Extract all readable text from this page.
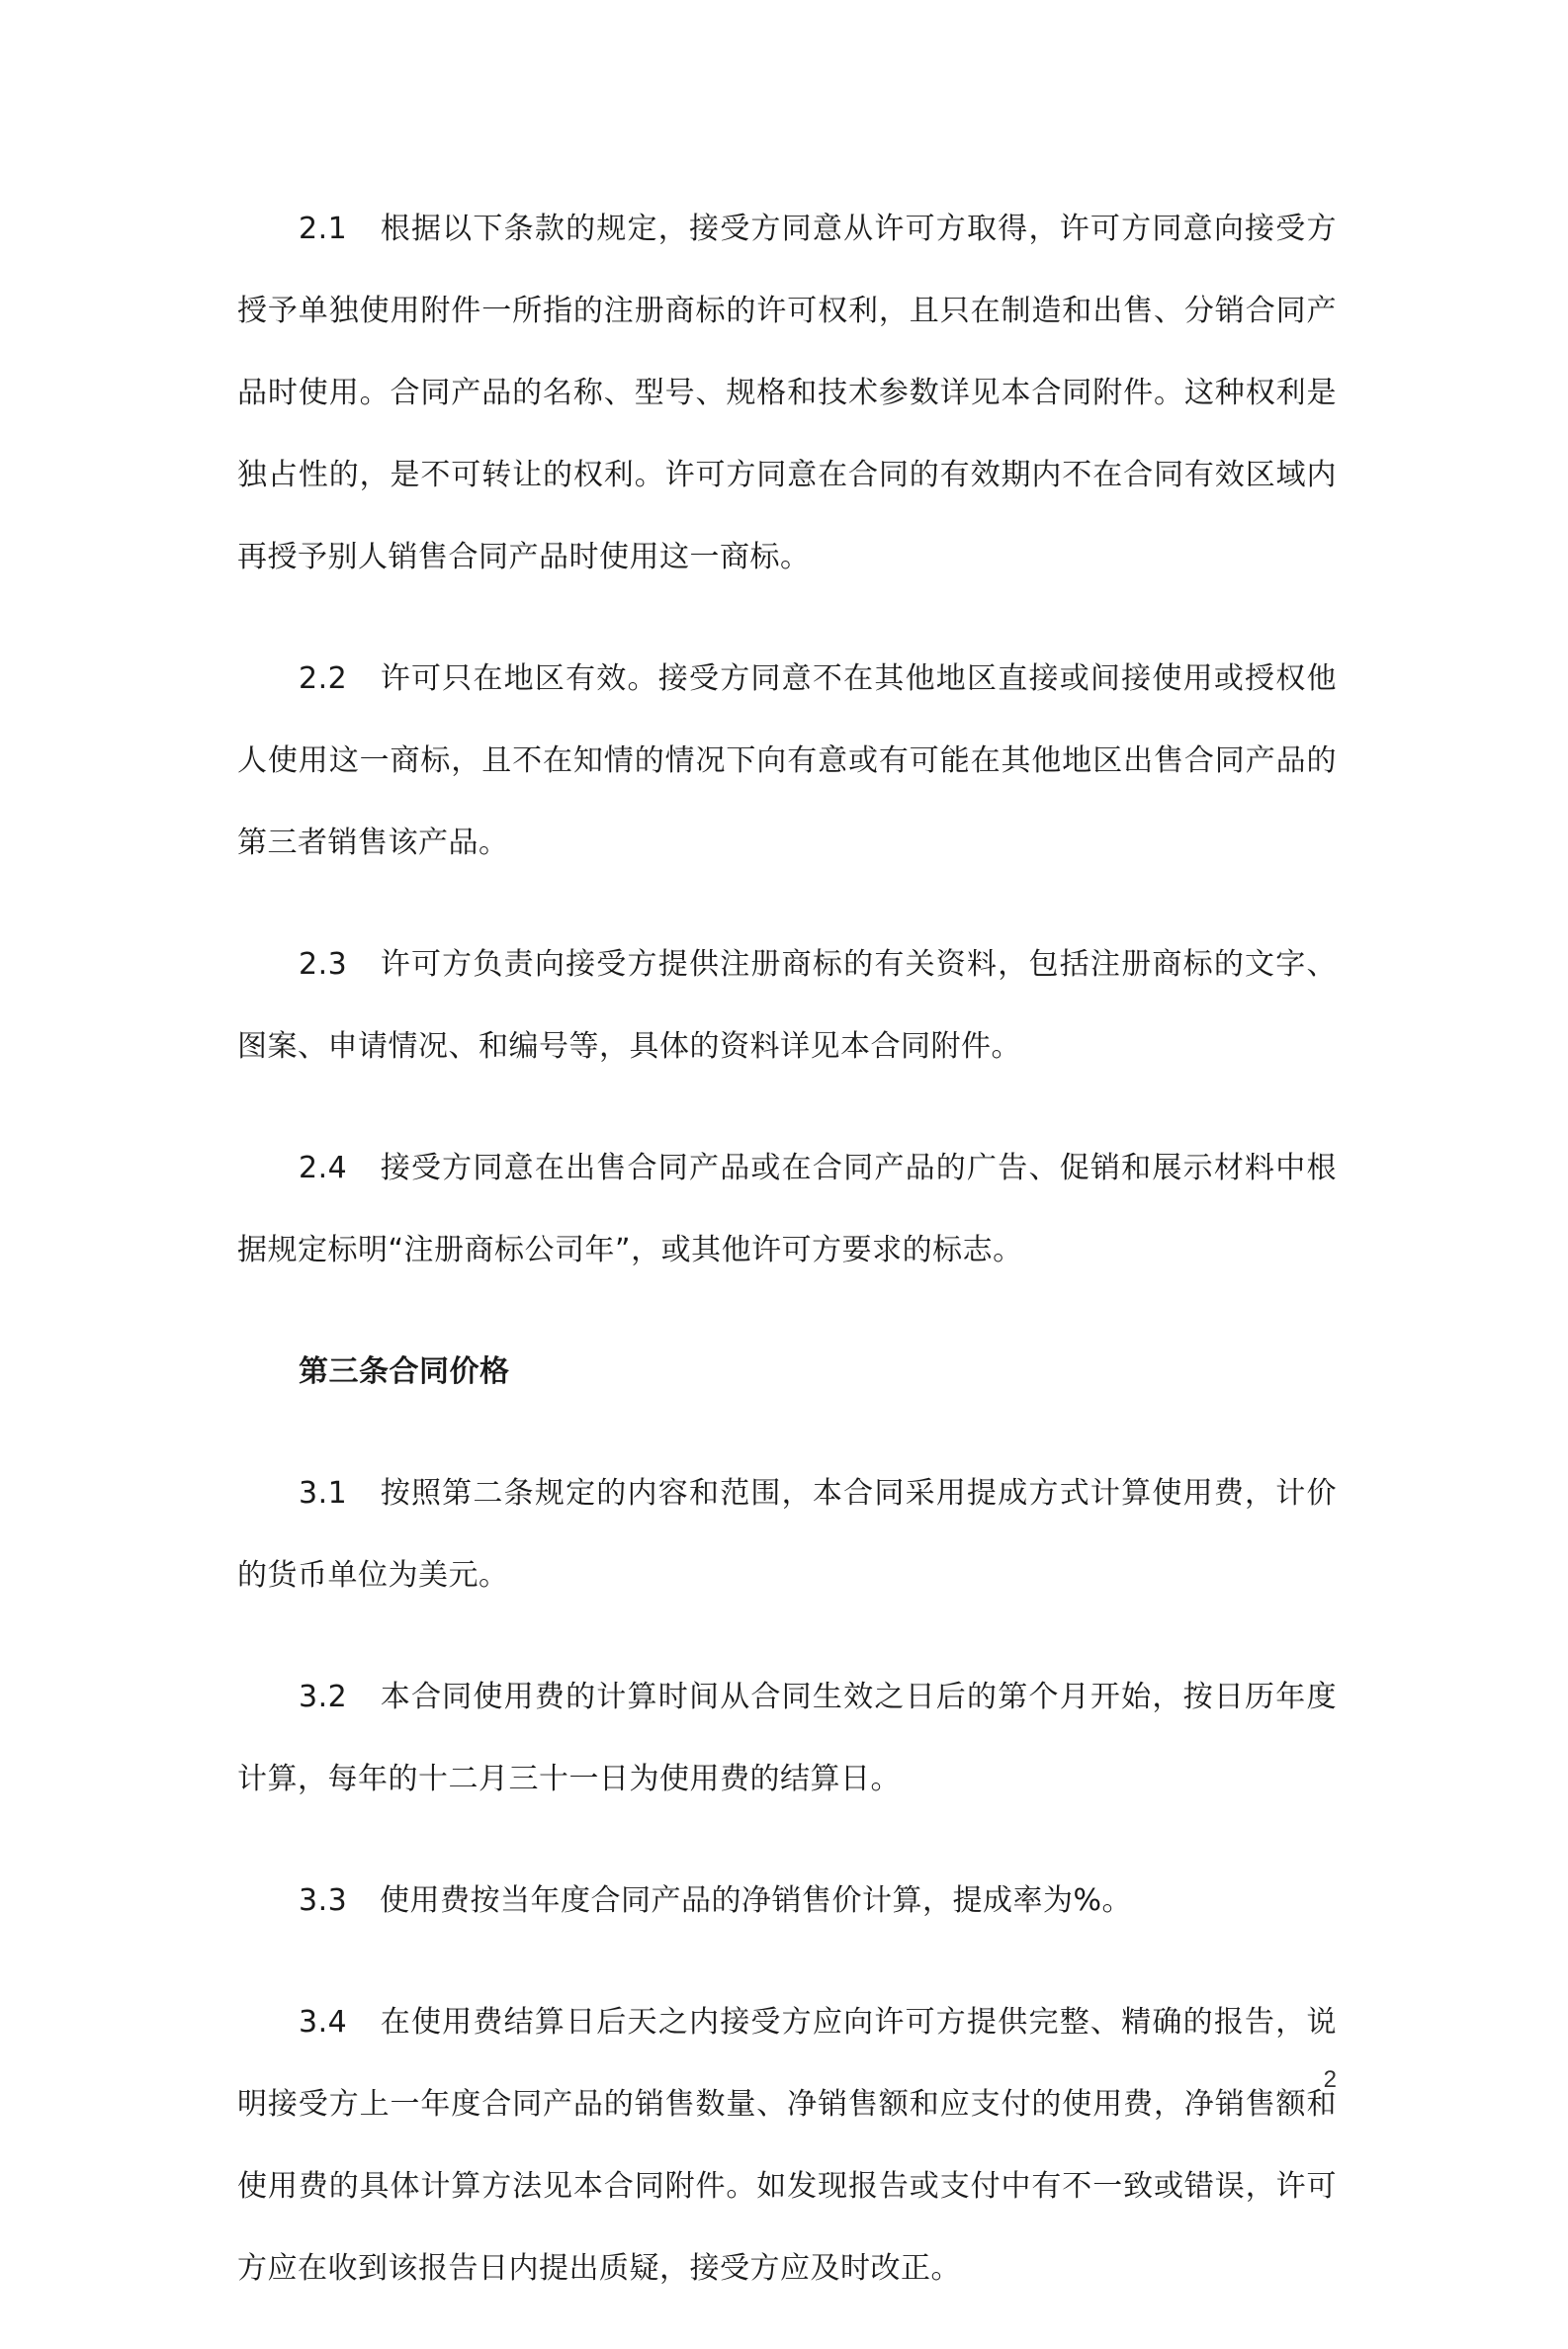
2.1 根据以下条款的规定，接受方同意从许可方取得，许可方同意向接受方授予单独使用附件一所指的注册商标的许可权利，且只在制造和出售、分销合同产品时使用。合同产品的名称、型号、规格和技术参数详见本合同附件。这种权利是独占性的，是不可转让的权利。许可方同意在合同的有效期内不在合同有效区域内再授予别人销售合同产品时使用这一商标。

2.2 许可只在地区有效。接受方同意不在其他地区直接或间接使用或授权他人使用这一商标，且不在知情的情况下向有意或有可能在其他地区出售合同产品的第三者销售该产品。

2.3 许可方负责向接受方提供注册商标的有关资料，包括注册商标的文字、图案、申请情况、和编号等，具体的资料详见本合同附件。

2.4 接受方同意在出售合同产品或在合同产品的广告、促销和展示材料中根据规定标明“注册商标公司年”，或其他许可方要求的标志。

第三条合同价格

3.1 按照第二条规定的内容和范围，本合同采用提成方式计算使用费，计价的货币单位为美元。

3.2 本合同使用费的计算时间从合同生效之日后的第个月开始，按日历年度计算，每年的十二月三十一日为使用费的结算日。

3.3 使用费按当年度合同产品的净销售价计算，提成率为%。

3.4 在使用费结算日后天之内接受方应向许可方提供完整、精确的报告，说明接受方上一年度合同产品的销售数量、净销售额和应支付的使用费，净销售额和使用费的具体计算方法见本合同附件。如发现报告或支付中有不一致或错误，许可方应在收到该报告日内提出质疑，接受方应及时改正。

2
